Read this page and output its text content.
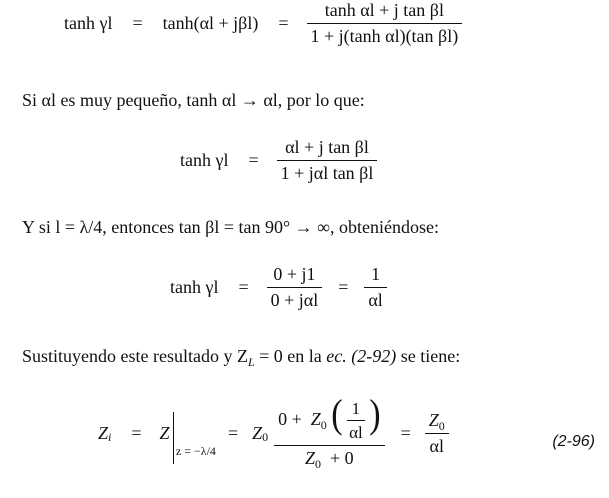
$\tanh \gamma l = \tanh(\alpha l + j\beta l) = \frac{\text{tanh αl + j tan βl}}{\text{1 + j(tanh αl)(tan βl)}}$
Si αl es muy pequeño, tanh αl → αl, por lo que:
$\tanh \gamma l = \frac{\text{αl + j tan βl}}{\text{1 + jαl tan βl}}$
Y si l = λ/4, entonces tan βl = tan 90° → ∞, obteniéndose:
$\tanh \gamma l = \frac{0 + j1}{\text{0 + jαl}} = \frac{1}{\alpha l}$
Sustituyendo este resultado y $Z_L = 0$ en la ec. (2-92) se tiene:
$Z_i = Z$
z = −λ/4
= $Z_0$
$0 + Z_0$ ( $\frac{1}{\alpha l}$ )
$Z_0 + 0$
= $\frac{Z_0}{\alpha l}$	(2-96)
